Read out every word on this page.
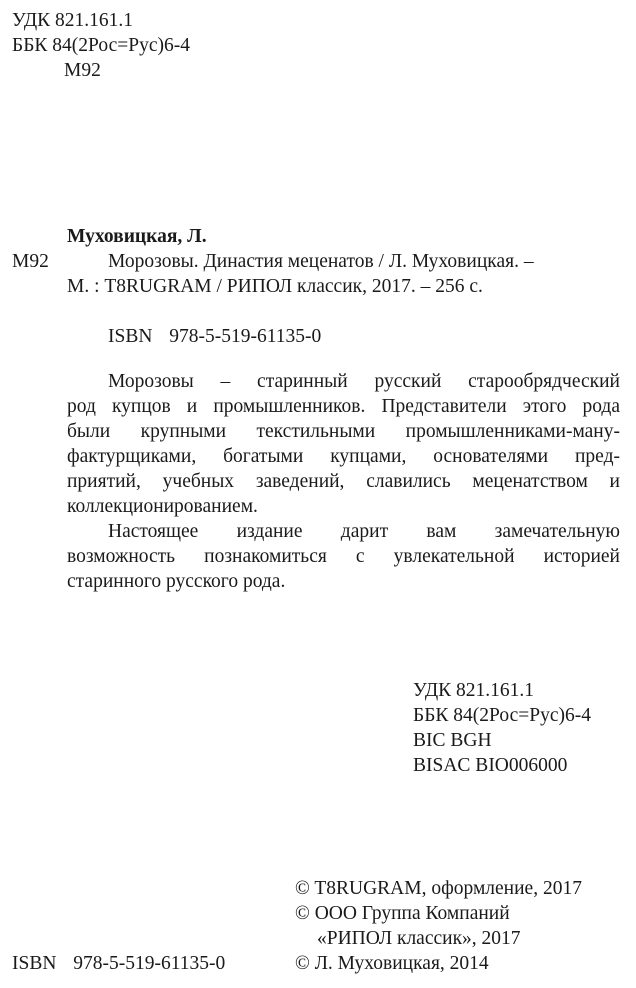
УДК 821.161.1
ББК 84(2Рос=Рус)6-4
М92
Муховицкая, Л.
М92	Морозовы. Династия меценатов / Л. Муховицкая. –
М. : T8RUGRAM / РИПОЛ классик, 2017. – 256 с.
ISBN 978-5-519-61135-0
Морозовы – старинный русский старообрядческий
род купцов и промышленников. Представители этого рода
были крупными текстильными промышленниками-ману-
фактурщиками, богатыми купцами, основателями пред-
приятий, учебных заведений, славились меценатством и
коллекционированием.
Настоящее издание дарит вам замечательную
возможность познакомиться с увлекательной историей
старинного русского рода.
УДК 821.161.1
ББК 84(2Рос=Рус)6-4
BIC BGH
BISAC BIO006000
© T8RUGRAM, оформление, 2017
© ООО Группа Компаний
«РИПОЛ классик», 2017
© Л. Муховицкая, 2014
ISBN 978-5-519-61135-0
